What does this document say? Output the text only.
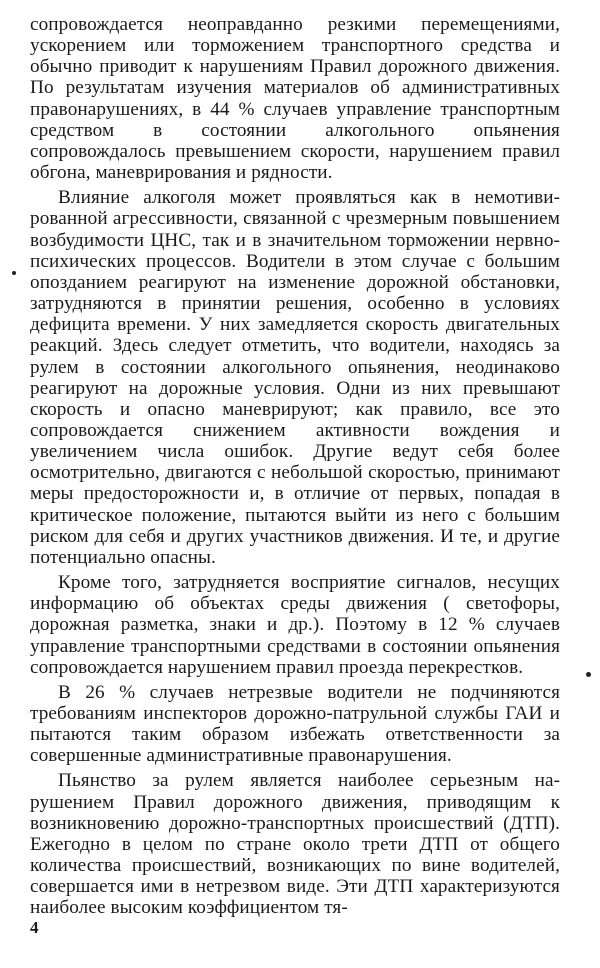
сопровождается неоправданно резкими перемещениями, ускорением или торможением транспортного средства и обычно приводит к нарушениям Правил дорожного движения. По результатам изучения материалов об административных правонарушениях, в 44 % случаев управление транспортным средством в состоянии алкогольного опьянения сопровождалось превышением скорости, нарушением правил обгона, маневрирования и рядности.

Влияние алкоголя может проявляться как в немотивированной агрессивности, связанной с чрезмерным повышением возбудимости ЦНС, так и в значительном торможении нервно-психических процессов. Водители в этом случае с большим опозданием реагируют на изменение дорожной обстановки, затрудняются в принятии решения, особенно в условиях дефицита времени. У них замедляется скорость двигательных реакций. Здесь следует отметить, что водители, находясь за рулем в состоянии алкогольного опьянения, неодинаково реагируют на дорожные условия. Одни из них превышают скорость и опасно маневрируют; как правило, все это сопровождается снижением активности вождения и увеличением числа ошибок. Другие ведут себя более осмотрительно, двигаются с небольшой скоростью, принимают меры предосторожности и, в отличие от первых, попадая в критическое положение, пытаются выйти из него с большим риском для себя и других участников движения. И те, и другие потенциально опасны.

Кроме того, затрудняется восприятие сигналов, несущих информацию об объектах среды движения ( светофоры, дорожная разметка, знаки и др.). Поэтому в 12 % случаев управление транспортными средствами в состоянии опьянения сопровождается нарушением правил проезда перекрестков.

В 26 % случаев нетрезвые водители не подчиняются требованиям инспекторов дорожно-патрульной службы ГАИ и пытаются таким образом избежать ответственности за совершенные административные правонарушения.

Пьянство за рулем является наиболее серьезным нарушением Правил дорожного движения, приводящим к возникновению дорожно-транспортных происшествий (ДТП). Ежегодно в целом по стране около трети ДТП от общего количества происшествий, возникающих по вине водителей, совершается ими в нетрезвом виде. Эти ДТП характеризуются наиболее высоким коэффициентом тя-

4
